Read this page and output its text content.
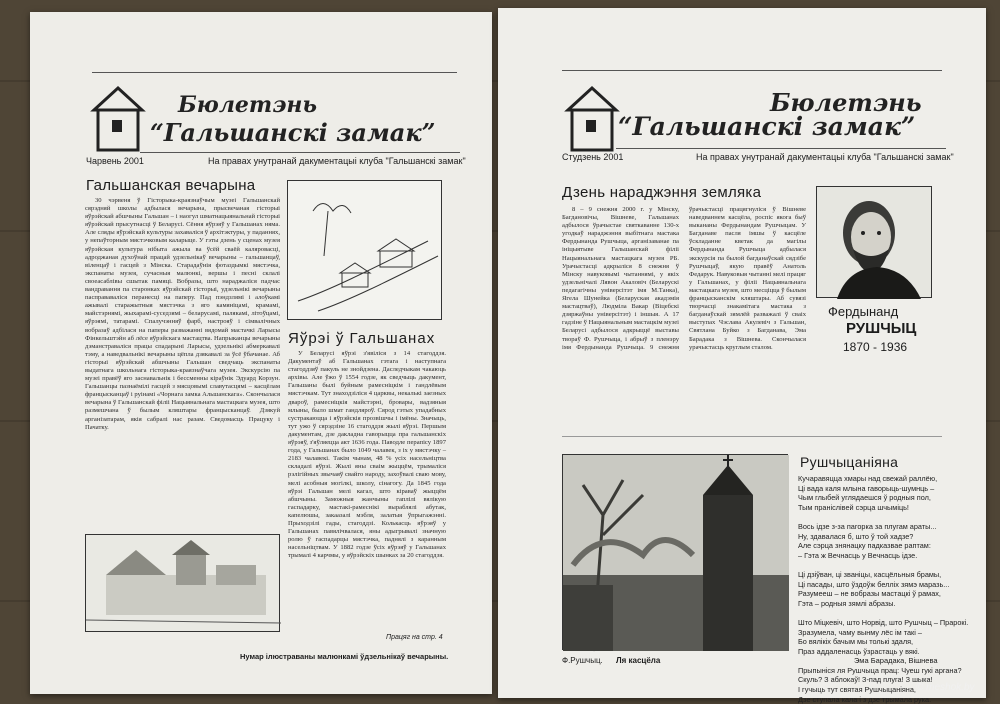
Бюлетэнь
“Гальшанскі замак”
Чарвень 2001	На правах унутранай дакументацыі клуба "Гальшанскі замак"
Гальшанская вечарына

30 чэрвеня ў Гісторыка-краязнаўчым музеі Гальшанскай сярэдняй школы адбылася вечарына, прысвечаная гісторыі яўрэйскай абшчыны Гальшан – і наогул шматнацыянальнай гісторыі яўрэйскай прысутнасці ў Беларусі. Сёння яўрэяў у Гальшанах няма. Але сляды яўрэйскай культуры захаваліся ў архітэктуры, у паданнях, у непаўторным мястэчковым каларыце. У гэты дзень у сценах музея яўрэйская культура нібыта ажыла ва ўсёй сваёй каляровасці, адроджаная духоўнай працай удзельнікаў вечарыны – гальшанцаў, віленцаў і гасцей з Мінска. Старадаўнія фотаздымкі мястэчка, экспанаты музея, сучасныя малюнкі, вершы і песні склалі своеасаблівы сшытак памяці. Вобразы, што нараджаліся падчас вандравання па старонках яўрэйскай гісторыі, удзельнікі вечарыны пасправаваліся перанесці на паперу. Пад пэндзлямі і алоўкамі ажывалі старажытныя мястэчка з яго камяніцамі, крамамі, майстэрнямі, жыхарамі-суседзямі – беларусамі, палякамі, літоўцамі, яўрэямі, татарамі. Спалучэнняў фарб, настрояў і сімвалічных вобразаў адбілася на паперы разважанні вядомай мастачкі Ларысы Фінкельштэйн аб лёсе яўрэйскага мастацтва. Напрыканцы вечарыны дэманстраваліся працы спадарыні Ларысы, удзельнікі абмеркавалі тэму, а наведвальнікі вечарыны цёпла дзякавалі за ўсё ўбачанае. Аб гісторыі яўрэйскай абшчыны Гальшан сведчаць экспанаты выдатнага школьнага гісторыка-краязнаўчага музея. Экскурсію па музеі правёў яго заснавальнік і бессменны кіраўнік Эдуард Корзун. Гальшанцы пазнаёмілі гасцей з мясцовымі славутасцямі – касцёлам францысканцаў і руінамі «Чорнага замка Альшанскага». Скончылася вечарына ў Гальшанскай філіі Нацыянальнага мастацкага музея, што размешчана ў былым кляштары францысканцаў. Дзякуй арганізатарам, якія сабралі нас разам. Сведомасць Працуку і Пачатку.

Яўрэі ў Гальшанах

У Беларусі яўрэі з'явіліся з 14 стагоддзя. Дакументаў аб Гальшанах гэтага і наступнага стагоддзяў пакуль не знойдзена. Даследчыкам чакаюць архівы. Але ўжо ў 1554 годзе, як сведчыць дакумент, Гальшаны былі буйным рамесніцкім і гандлёвым мястэчкам. Тут знаходзіліся 4 царквы, некалькі заезных двароў, рамесніцкія майстэрні, бровары, вадзяныя млыны, было шмат гандляроў. Сярод гэтых упадабных сустракаюцца і яўрэйскія прозвішчы і імёны. Значыць, тут ужо ў сярэдзіне 16 стагоддзя жылі яўрэі. Першым дакументам, дзе дакладна гаворыцца пра гальшанскіх яўрэяў, з'яўляецца акт 1636 года. Паводле перапісу 1897 года, у Гальшанах было 1049 чалавек, з іх у мястэчку – 2183 чалавекі. Такім чынам, 48 % усіх насельніцтва складалі яўрэі. Жылі яны сваім жыццём, трымаліся рэлігійных звычаяў свайго народу, захоўвалі сваю мову, мелі асобныя могілкі, школу, сінагогу. Да 1845 года яўрэі Гальшан мелі кагал, што кіраваў жыццём абшчыны. Заможныя жанчыны гаплілі вялікую гаспадарку, мастакі-рамеснікі выраблялі абутак, капелюшы, закаазалі мэбля, залатыя ўпрыгажэнні. Прыходзілі гады, стагоддзі. Колькасць яўрэяў у Гальшанах павялічвалася, яны адыгрывалі значную ролю ў гаспадарцы мястэчка, паднялі з каранным насельніцтвам. У 1882 годзе ўсіх яўрэяў у Гальшанах трымалі 4 карчмы, у яўрэйскіх шынках за 20 стагоддзя.

Працяг на стр. 4
Нумар ілюстраваны малюнкамі ўдзельнікаў вечарыны.
Бюлетэнь
“Гальшанскі замак”
Студзень 2001	На правах унутранай дакументацыі клуба "Гальшанскі замак"
Дзень нараджэння земляка

8 – 9 снежня 2000 г. у Мінску, Багдановічы, Вішневе, Гальшанах адбылося ўрачыстае святкаванне 130-х угодкаў нараджэння выбітнага мастака Фердынанда Рушчыца, арганізаванае па ініцыятыве Гальшанскай філіі Нацыянальнага мастацкага музея РБ. Урачыстасці адкрыліся 8 снежня ў Мінску навуковымі чытаннямі, у якіх удзельнічалі Лявон Акаловіч (Беларускі педагагічны універсітэт імя М.Танка), Ягела Шунейка (Беларуская акадэмія мастацтваў), Людміла Вакар (Віцебскі дзяржаўны універсітэт) і іншыя. А 17 гадзіне ў Нацыянальным мастацкім музеі Беларусі адбылося адкрыццё выставы твораў Ф. Рушчыца, і абрыў з пленэру імя Фердынанда Рушчыца. 9 снежня ўрачыстасці працягнуліся ў Вішневе наведваннем касцёла, роспіс якога быў выкананы Фердынандам Рушчыцам. У Багданаве пасля імшы ў касцёле ўскладанне кветак да магілы Фердынанда Рушчыца адбылася экскурсія па былой багданаўскай сядзібе Рушчыцаў, якую правёў Анатоль Федарук. Навуковыя чытанні мелі працяг у Гальшанах, у філіі Нацыянальнага мастацкага музея, што месціцца ў былым францысканскім кляштары. Аб сувязі творчасці знакамітага мастака з багданаўскай зямлёй разважалі ў сваіх выступах Чэслава Акулевіч з Гальшан, Святлана Буйко з Багданава, Эма Барадака з Вішнева. Скончылася урачыстасць круглым сталом.

Фердынанд
РУШЧЫЦ
1870 - 1936
Ф.Рушчыц. Ля касцёла
Рушчыцаніяна
Кучаравяцца хмары над свежай раллёю,
Ці вада каля млына гаворыць-шумнць –
Чым глыбей углядаешся ў родныя пол,
Тым праніслівей сэрца шчыміць!

Вось ідзе з-за пагорка за плугам араты...
Ну, здавалася б, што ў той хадзе?
Але сэрца знянацку падказвае раптам:
– Гэта ж Вечнасць у Вечнасць ідзе.

Ці дзіўван, ці званіцы, касцёльныя брамы,
Ці пасады, што ўздоўж белліх зямэ маразь...
Разумееш – не вобразы мастацкі ў рамах,
Гэта – родныя зямлі абразы.

Што Міцкевіч, што Норвід, што Рушчыц – Прарокі.
Зразумела, чаму вынму лёс ім такі –
Бо вялікіх бачым мы толькі здаля,
Праз аддаленасць ўзрастаць у вякі.

Прыпыніся ля Рушчыца прац: Чуеш гукі аргана?
Скуль? З аблокаў! З-пад плуга! З шыка!
І гучыць тут святая Рушчыцаніяна,
Дзе ступала кала і з дзе трымала рука.
Эма Барадака, Вішнева
© meshok.by
